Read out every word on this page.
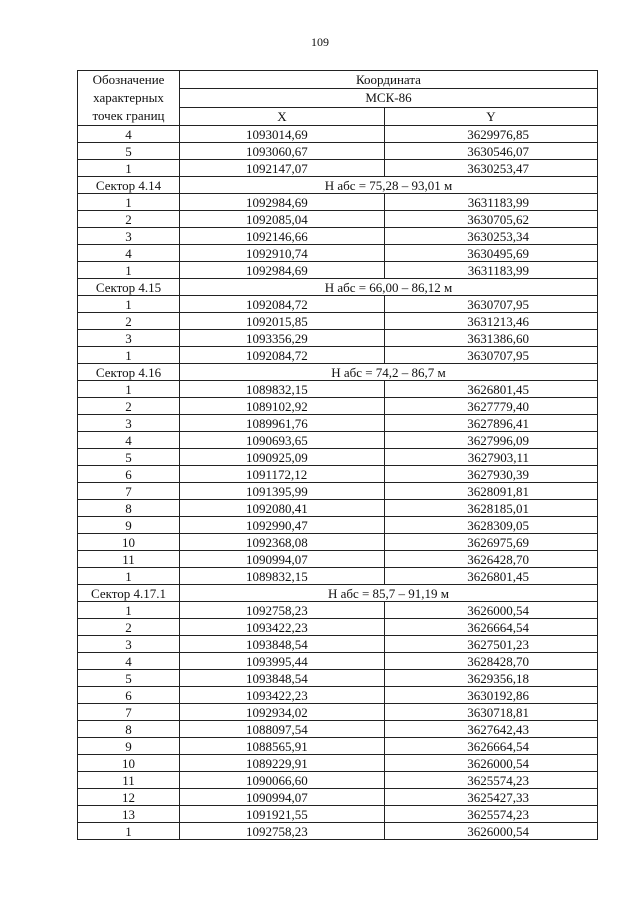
109
Обозначение характерных точек границ	Координата	
	МСК-86	
	X	Y
4	1093014,69	3629976,85
5	1093060,67	3630546,07
1	1092147,07	3630253,47
Сектор 4.14	Н абс = 75,28 – 93,01 м	
1	1092984,69	3631183,99
2	1092085,04	3630705,62
3	1092146,66	3630253,34
4	1092910,74	3630495,69
1	1092984,69	3631183,99
Сектор 4.15	Н абс = 66,00 – 86,12 м	
1	1092084,72	3630707,95
2	1092015,85	3631213,46
3	1093356,29	3631386,60
1	1092084,72	3630707,95
Сектор 4.16	Н абс = 74,2 – 86,7 м	
1	1089832,15	3626801,45
2	1089102,92	3627779,40
3	1089961,76	3627896,41
4	1090693,65	3627996,09
5	1090925,09	3627903,11
6	1091172,12	3627930,39
7	1091395,99	3628091,81
8	1092080,41	3628185,01
9	1092990,47	3628309,05
10	1092368,08	3626975,69
11	1090994,07	3626428,70
1	1089832,15	3626801,45
Сектор 4.17.1	Н абс = 85,7 – 91,19 м	
1	1092758,23	3626000,54
2	1093422,23	3626664,54
3	1093848,54	3627501,23
4	1093995,44	3628428,70
5	1093848,54	3629356,18
6	1093422,23	3630192,86
7	1092934,02	3630718,81
8	1088097,54	3627642,43
9	1088565,91	3626664,54
10	1089229,91	3626000,54
11	1090066,60	3625574,23
12	1090994,07	3625427,33
13	1091921,55	3625574,23
1	1092758,23	3626000,54
